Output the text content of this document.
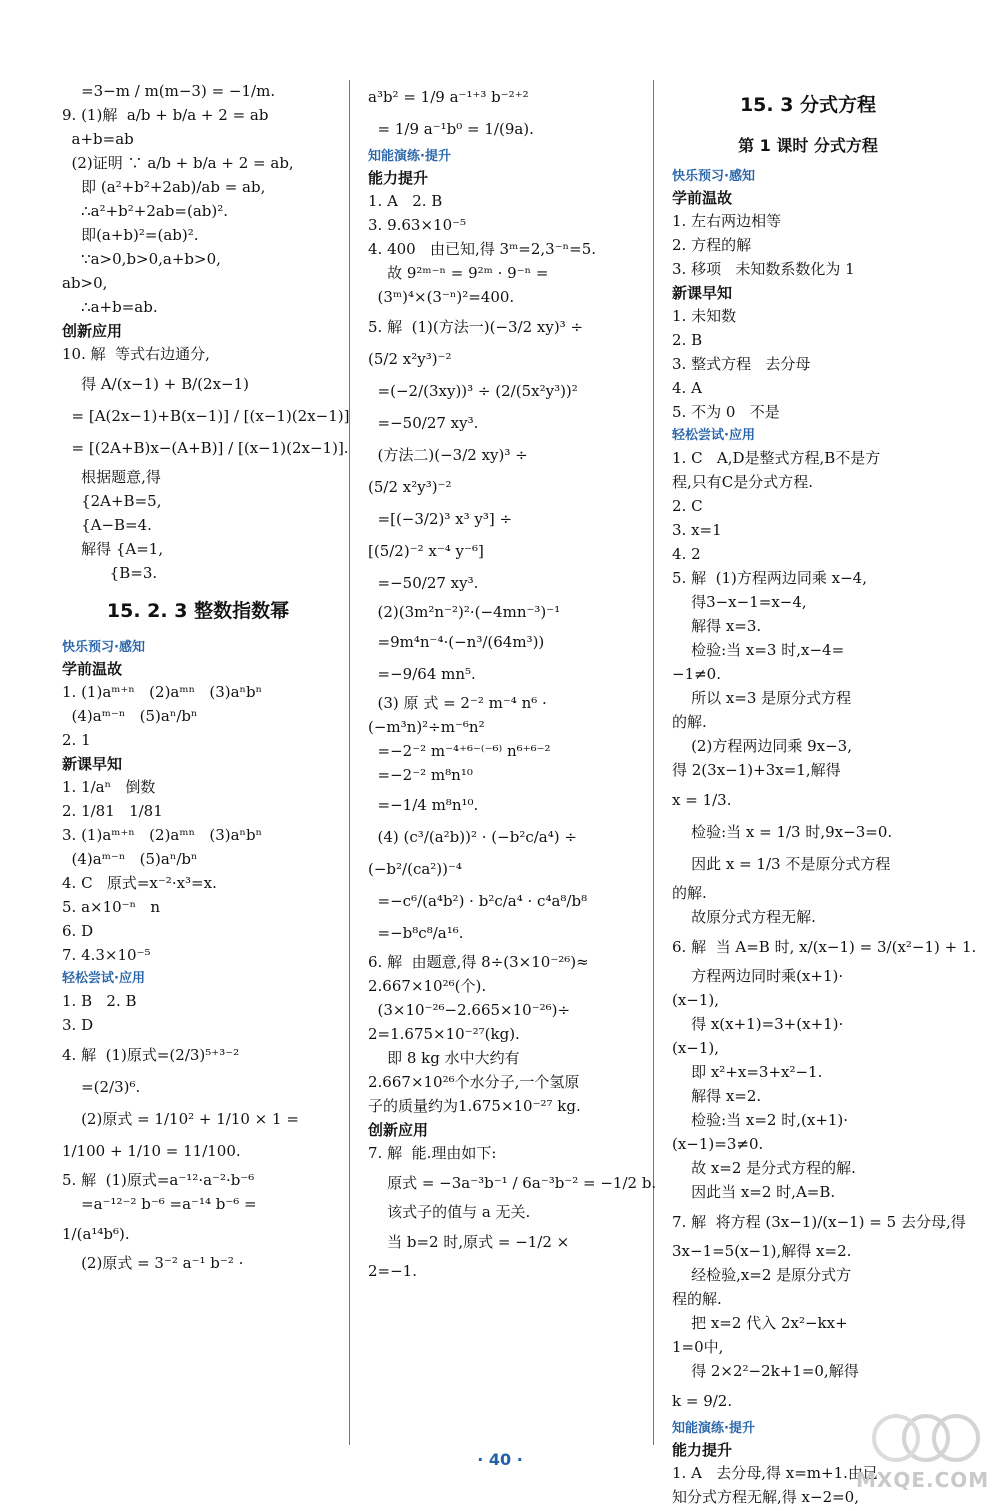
=3−m / m(m−3) = −1/m.
9. (1)解  a/b + b/a + 2 = ab
a+b=ab
(2)证明 ∵ a/b + b/a + 2 = ab,
即 (a²+b²+2ab)/ab = ab,
∴a²+b²+2ab=(ab)².
即(a+b)²=(ab)².
∵a>0,b>0,a+b>0,
ab>0,
∴a+b=ab.
创新应用
10. 解  等式右边通分,
得 A/(x−1) + B/(2x−1)
= [A(2x−1)+B(x−1)] / [(x−1)(2x−1)]
= [(2A+B)x−(A+B)] / [(x−1)(2x−1)].
根据题意,得
{2A+B=5,
{A−B=4.
解得 {A=1,
{B=3.
15. 2. 3 整数指数幂
快乐预习·感知
学前温故
1. (1)aᵐ⁺ⁿ   (2)aᵐⁿ   (3)aⁿbⁿ
(4)aᵐ⁻ⁿ   (5)aⁿ/bⁿ
2. 1
新课早知
1. 1/aⁿ   倒数
2. 1/81   1/81
3. (1)aᵐ⁺ⁿ   (2)aᵐⁿ   (3)aⁿbⁿ
(4)aᵐ⁻ⁿ   (5)aⁿ/bⁿ
4. C   原式=x⁻²·x³=x.
5. a×10⁻ⁿ   n
6. D
7. 4.3×10⁻⁵
轻松尝试·应用
1. B   2. B
3. D
4. 解  (1)原式=(2/3)⁵⁺³⁻²
=(2/3)⁶.
(2)原式 = 1/10² + 1/10 × 1 =
1/100 + 1/10 = 11/100.
5. 解  (1)原式=a⁻¹²·a⁻²·b⁻⁶
=a⁻¹²⁻² b⁻⁶ =a⁻¹⁴ b⁻⁶ =
1/(a¹⁴b⁶).
(2)原式 = 3⁻² a⁻¹ b⁻² ·
a³b² = 1/9 a⁻¹⁺³ b⁻²⁺²
= 1/9 a⁻¹b⁰ = 1/(9a).
知能演练·提升
能力提升
1. A   2. B
3. 9.63×10⁻⁵
4. 400   由已知,得 3ᵐ=2,3⁻ⁿ=5.
故 9²ᵐ⁻ⁿ = 9²ᵐ · 9⁻ⁿ =
(3ᵐ)⁴×(3⁻ⁿ)²=400.
5. 解  (1)(方法一)(−3/2 xy)³ ÷
(5/2 x²y³)⁻²
=(−2/(3xy))³ ÷ (2/(5x²y³))²
=−50/27 xy³.
(方法二)(−3/2 xy)³ ÷
(5/2 x²y³)⁻²
=[(−3/2)³ x³ y³] ÷
[(5/2)⁻² x⁻⁴ y⁻⁶]
=−50/27 xy³.
(2)(3m²n⁻²)²·(−4mn⁻³)⁻¹
=9m⁴n⁻⁴·(−n³/(64m³))
=−9/64 mn⁵.
(3) 原 式 = 2⁻² m⁻⁴ n⁶ ·
(−m³n)²÷m⁻⁶n²
=−2⁻² m⁻⁴⁺⁶⁻⁽⁻⁶⁾ n⁶⁺⁶⁻²
=−2⁻² m⁸n¹⁰
=−1/4 m⁸n¹⁰.
(4) (c³/(a²b))² · (−b²c/a⁴) ÷
(−b²/(ca²))⁻⁴
=−c⁶/(a⁴b²) · b²c/a⁴ · c⁴a⁸/b⁸
=−b⁸c⁸/a¹⁶.
6. 解  由题意,得 8÷(3×10⁻²⁶)≈
2.667×10²⁶(个).
(3×10⁻²⁶−2.665×10⁻²⁶)÷
2=1.675×10⁻²⁷(kg).
即 8 kg 水中大约有
2.667×10²⁶个水分子,一个氢原
子的质量约为1.675×10⁻²⁷ kg.
创新应用
7. 解  能.理由如下:
原式 = −3a⁻³b⁻¹ / 6a⁻³b⁻² = −1/2 b.
该式子的值与 a 无关.
当 b=2 时,原式 = −1/2 ×
2=−1.
15. 3 分式方程
第 1 课时 分式方程
快乐预习·感知
学前温故
1. 左右两边相等
2. 方程的解
3. 移项   未知数系数化为 1
新课早知
1. 未知数
2. B
3. 整式方程   去分母
4. A
5. 不为 0   不是
轻松尝试·应用
1. C   A,D是整式方程,B不是方
程,只有C是分式方程.
2. C
3. x=1
4. 2
5. 解  (1)方程两边同乘 x−4,
得3−x−1=x−4,
解得 x=3.
检验:当 x=3 时,x−4=
−1≠0.
所以 x=3 是原分式方程
的解.
(2)方程两边同乘 9x−3,
得 2(3x−1)+3x=1,解得
x = 1/3.
检验:当 x = 1/3 时,9x−3=0.
因此 x = 1/3 不是原分式方程
的解.
故原分式方程无解.
6. 解  当 A=B 时, x/(x−1) = 3/(x²−1) + 1.
方程两边同时乘(x+1)·
(x−1),
得 x(x+1)=3+(x+1)·
(x−1),
即 x²+x=3+x²−1.
解得 x=2.
检验:当 x=2 时,(x+1)·
(x−1)=3≠0.
故 x=2 是分式方程的解.
因此当 x=2 时,A=B.
7. 解  将方程 (3x−1)/(x−1) = 5 去分母,得
3x−1=5(x−1),解得 x=2.
经检验,x=2 是原分式方
程的解.
把 x=2 代入 2x²−kx+
1=0中,
得 2×2²−2k+1=0,解得
k = 9/2.
知能演练·提升
能力提升
1. A   去分母,得 x=m+1.由已
知分式方程无解,得 x−2=0,
· 40 ·
MXQE.COM
